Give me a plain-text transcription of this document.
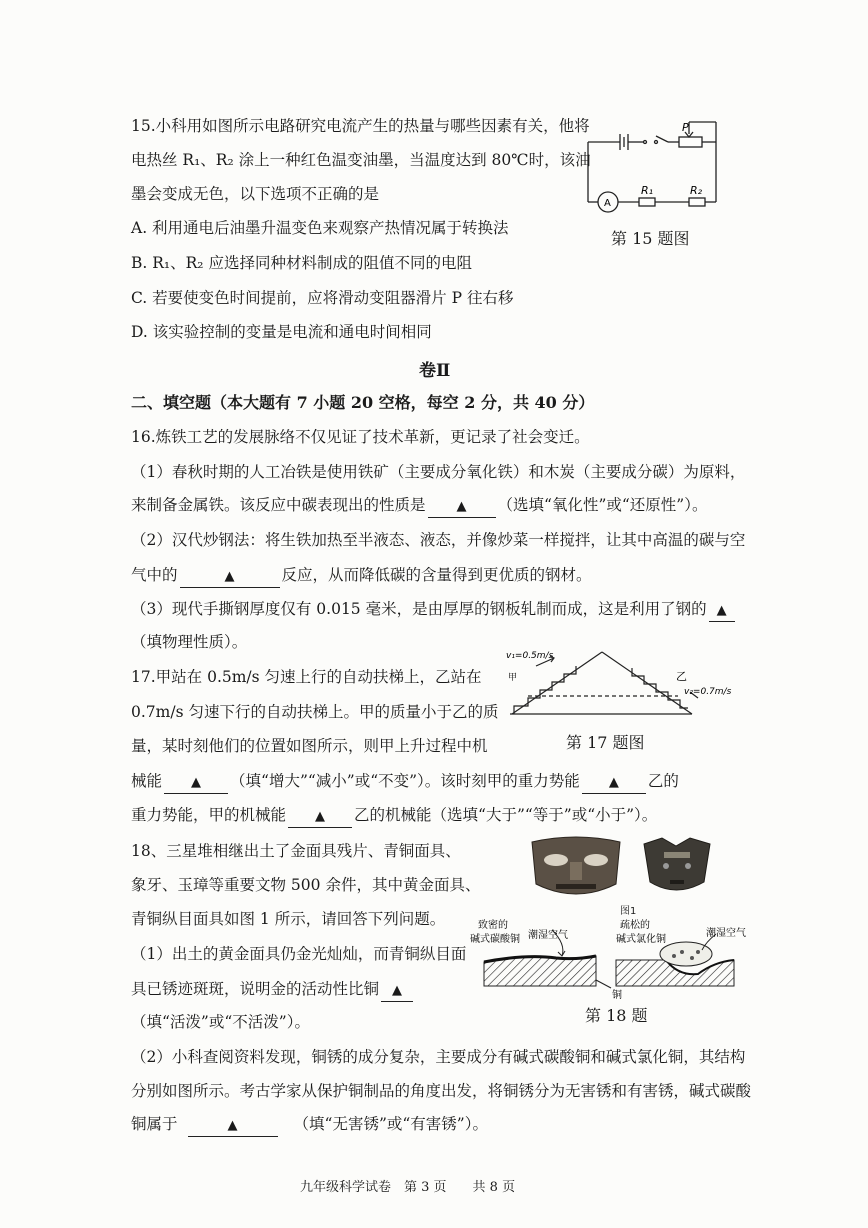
15.小科用如图所示电路研究电流产生的热量与哪些因素有关，他将
电热丝 R₁、R₂ 涂上一种红色温变油墨，当温度达到 80℃时，该油
墨会变成无色，以下选项不正确的是
A. 利用通电后油墨升温变色来观察产热情况属于转换法
B. R₁、R₂ 应选择同种材料制成的阻值不同的电阻
C. 若要使变色时间提前，应将滑动变阻器滑片 P 往右移
D. 该实验控制的变量是电流和通电时间相同
P
A
R₁	R₂
第 15 题图
卷Ⅱ
二、填空题（本大题有 7 小题 20 空格，每空 2 分，共 40 分）
16.炼铁工艺的发展脉络不仅见证了技术革新，更记录了社会变迁。
（1）春秋时期的人工冶铁是使用铁矿（主要成分氧化铁）和木炭（主要成分碳）为原料，
来制备金属铁。该反应中碳表现出的性质是 ▲ （选填“氧化性”或“还原性”）。
（2）汉代炒钢法：将生铁加热至半液态、液态，并像炒菜一样搅拌，让其中高温的碳与空
气中的	▲	反应，从而降低碳的含量得到更优质的钢材。
（3）现代手撕钢厚度仅有 0.015 毫米，是由厚厚的钢板轧制而成，这是利用了钢的 ▲
（填物理性质）。
17.甲站在 0.5m/s 匀速上行的自动扶梯上，乙站在
0.7m/s 匀速下行的自动扶梯上。甲的质量小于乙的质
量，某时刻他们的位置如图所示，则甲上升过程中机
械能 ▲ （填“增大”“减小”或“不变”）。该时刻甲的重力势能 ▲ 乙的
重力势能，甲的机械能 ▲ 乙的机械能（选填“大于”“等于”或“小于”）。
v₁=0.5m/s
甲	乙
v₂=0.7m/s
第 17 题图
18、三星堆相继出土了金面具残片、青铜面具、
象牙、玉璋等重要文物 500 余件，其中黄金面具、
青铜纵目面具如图 1 所示，请回答下列问题。
（1）出土的黄金面具仍金光灿灿，而青铜纵目面
具已锈迹斑斑，说明金的活动性比铜 ▲
（填“活泼”或“不活泼”）。
（2）小科查阅资料发现，铜锈的成分复杂，主要成分有碱式碳酸铜和碱式氯化铜，其结构
分别如图所示。考古学家从保护铜制品的角度出发，将铜锈分为无害锈和有害锈，碱式碳酸
铜属于	▲	（填“无害锈”或“有害锈”）。
图1
致密的
碱式碳酸铜 潮湿空气
疏松的
碱式氯化铜
潮湿空气
铜
第 18 题
九年级科学试卷　第 3 页　　共 8 页
